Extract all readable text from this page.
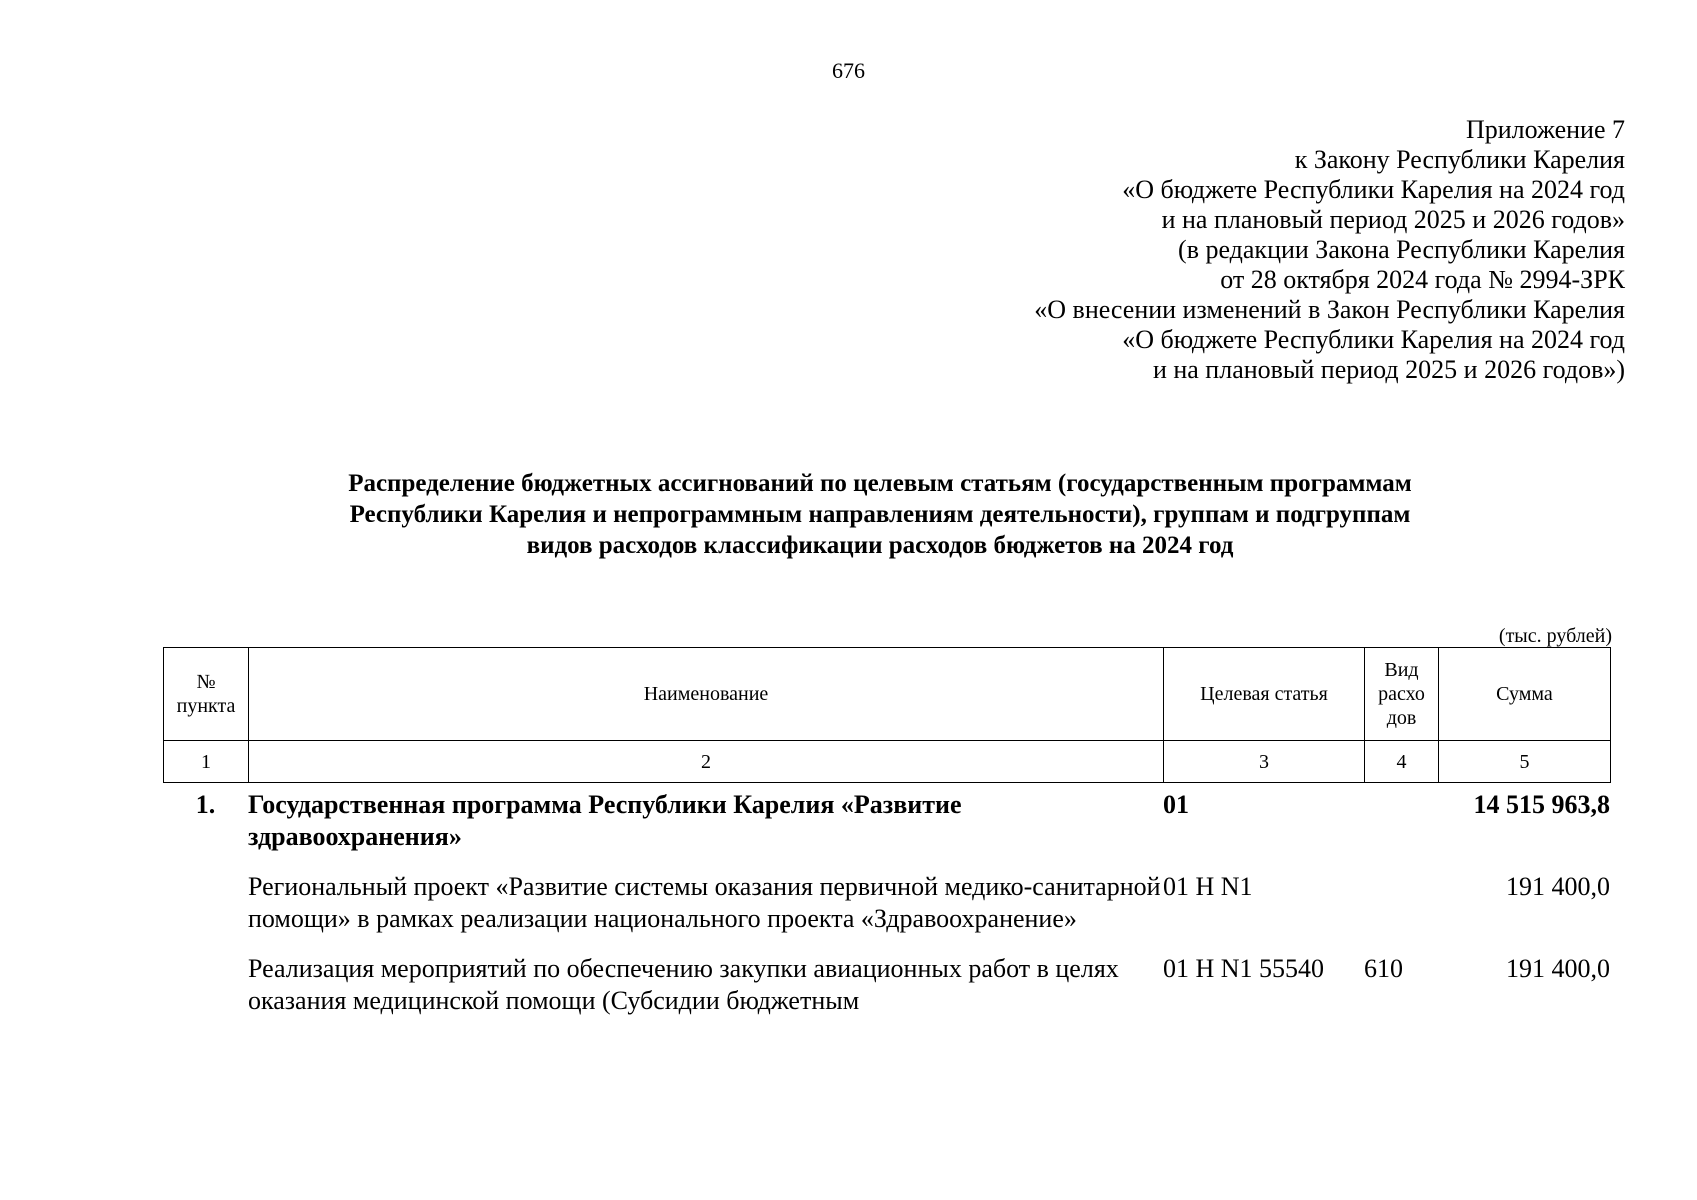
676
Приложение 7
к Закону Республики Карелия
«О бюджете Республики Карелия на 2024 год
и на плановый период 2025 и 2026 годов»
(в редакции Закона Республики Карелия
от 28 октября 2024 года № 2994-ЗРК
«О внесении изменений в Закон Республики Карелия
«О бюджете Республики Карелия на 2024 год
и на плановый период 2025 и 2026 годов»)
Распределение бюджетных ассигнований по целевым статьям (государственным программам
Республики Карелия и непрограммным направлениям деятельности), группам и подгруппам
видов расходов классификации расходов бюджетов на 2024 год
(тыс. рублей)
№ пункта	Наименование	Целевая статья	Вид расхо дов	Сумма
1	2	3	4	5
1.	Государственная программа Республики Карелия «Развитие здравоохранения»	01		14 515 963,8
	Региональный проект «Развитие системы оказания первичной медико-санитарной помощи» в рамках реализации национального проекта «Здравоохранение»	01 Н N1		191 400,0
	Реализация мероприятий по обеспечению закупки авиационных работ в целях оказания медицинской помощи (Субсидии бюджетным	01 Н N1 55540	610	191 400,0
